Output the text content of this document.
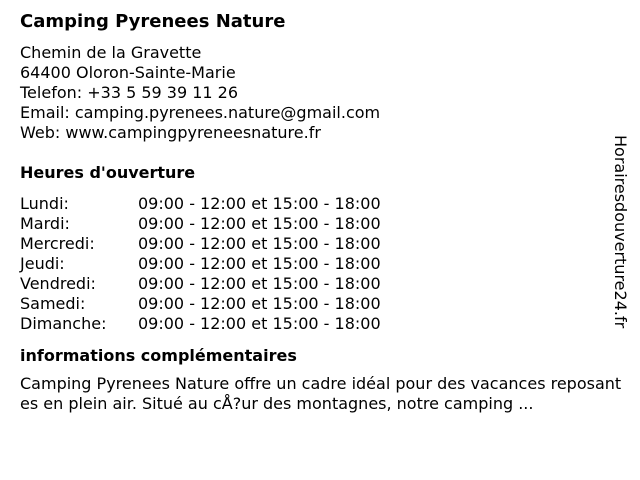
Camping Pyrenees Nature
Chemin de la Gravette
64400 Oloron-Sainte-Marie
Telefon: +33 5 59 39 11 26
Email: camping.pyrenees.nature@gmail.com
Web: www.campingpyreneesnature.fr
Heures d'ouverture
Lundi:	09:00 - 12:00 et 15:00 - 18:00
Mardi:	09:00 - 12:00 et 15:00 - 18:00
Mercredi:	09:00 - 12:00 et 15:00 - 18:00
Jeudi:	09:00 - 12:00 et 15:00 - 18:00
Vendredi:	09:00 - 12:00 et 15:00 - 18:00
Samedi:	09:00 - 12:00 et 15:00 - 18:00
Dimanche:	09:00 - 12:00 et 15:00 - 18:00
informations complémentaires
Camping Pyrenees Nature offre un cadre idéal pour des vacances reposantes en plein air. Situé au cÅ?ur des montagnes, notre camping ...
Horairesdouverture24.fr
